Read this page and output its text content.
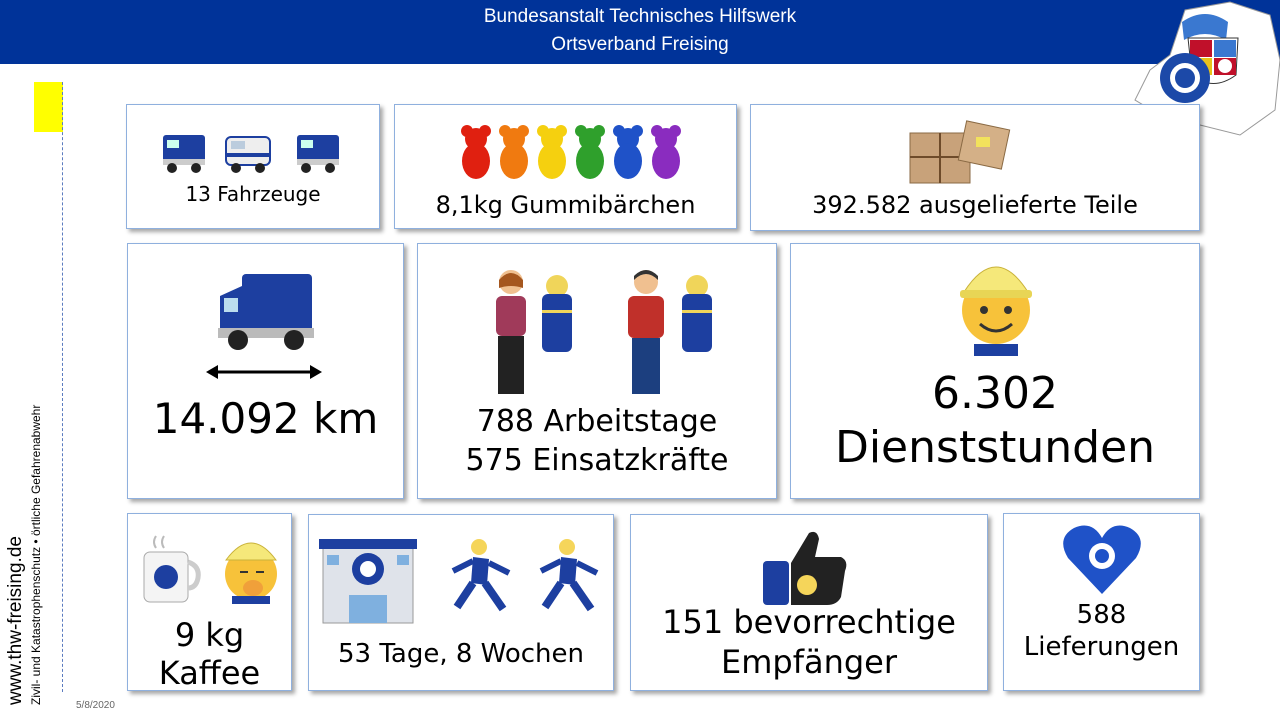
Bundesanstalt Technisches Hilfswerk
Ortsverband Freising
www.thw-freising.de Zivil- und Katastrophenschutz • örtliche Gefahrenabwehr
5/8/2020
13 Fahrzeuge	8,1kg Gummibärchen	392.582 ausgelieferte Teile
14.092 km	788 Arbeitstage
575 Einsatzkräfte
6.302
Dienststunden
9 kg
Kaffee	53 Tage, 8 Wochen
151 bevorrechtige
Empfänger
588
Lieferungen
